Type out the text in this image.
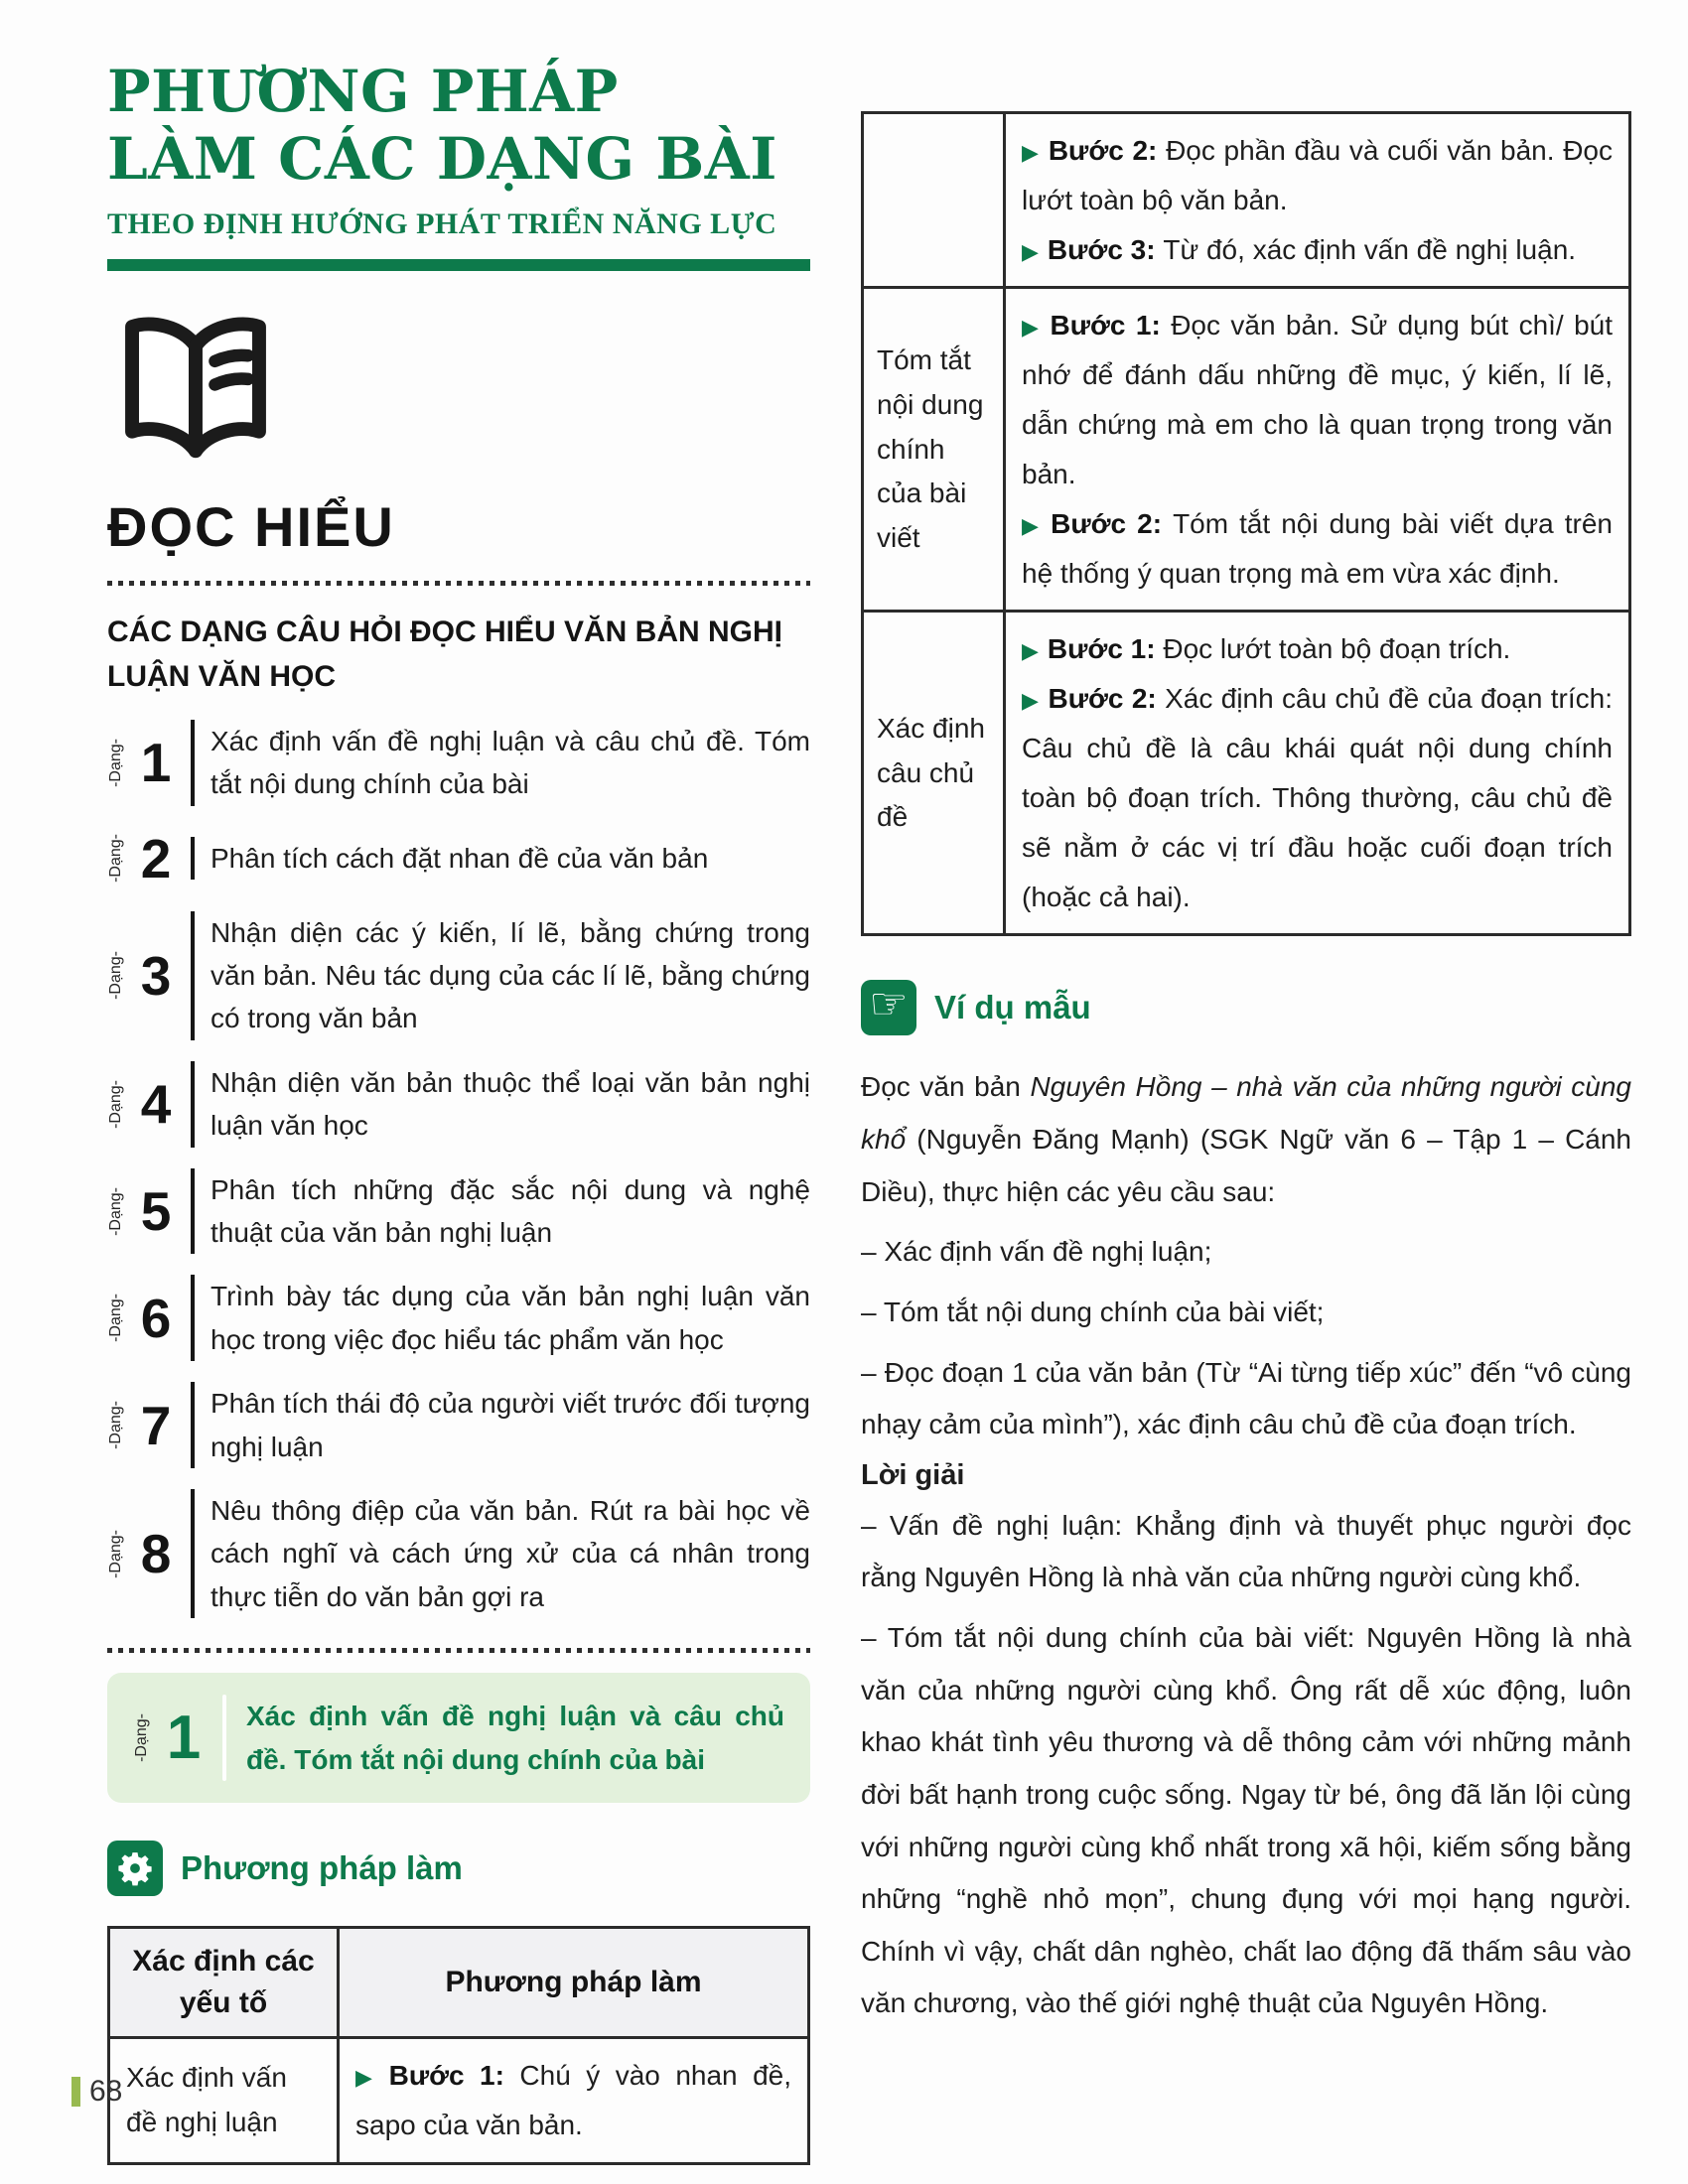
PHƯƠNG PHÁP
LÀM CÁC DẠNG BÀI
THEO ĐỊNH HƯỚNG PHÁT TRIỂN NĂNG LỰC
ĐỌC HIỂU
CÁC DẠNG CÂU HỎI ĐỌC HIỂU VĂN BẢN NGHỊ LUẬN VĂN HỌC
-Dạng- 1	Xác định vấn đề nghị luận và câu chủ đề. Tóm tắt nội dung chính của bài
-Dạng- 2	Phân tích cách đặt nhan đề của văn bản
-Dạng- 3
Nhận diện các ý kiến, lí lẽ, bằng chứng trong văn bản. Nêu tác dụng của các lí lẽ, bằng chứng có trong văn bản
-Dạng- 4	Nhận diện văn bản thuộc thể loại văn bản nghị luận văn học
-Dạng- 5	Phân tích những đặc sắc nội dung và nghệ thuật của văn bản nghị luận
-Dạng- 6	Trình bày tác dụng của văn bản nghị luận văn học trong việc đọc hiểu tác phẩm văn học
-Dạng- 7	Phân tích thái độ của người viết trước đối tượng nghị luận
-Dạng- 8
Nêu thông điệp của văn bản. Rút ra bài học về cách nghĩ và cách ứng xử của cá nhân trong thực tiễn do văn bản gợi ra
-Dạng- 1	Xác định vấn đề nghị luận và câu chủ đề. Tóm tắt nội dung chính của bài
Phương pháp làm
Xác định các yếu tố	Phương pháp làm
Xác định vấn đề nghị luận	▶ Bước 1: Chú ý vào nhan đề, sapo của văn bản.

	▶ Bước 2: Đọc phần đầu và cuối văn bản. Đọc lướt toàn bộ văn bản.
▶ Bước 3: Từ đó, xác định vấn đề nghị luận.

Tóm tắt nội dung chính của bài viết	▶ Bước 1: Đọc văn bản. Sử dụng bút chì/ bút nhớ để đánh dấu những đề mục, ý kiến, lí lẽ, dẫn chứng mà em cho là quan trọng trong văn bản.
▶ Bước 2: Tóm tắt nội dung bài viết dựa trên hệ thống ý quan trọng mà em vừa xác định.

Xác định câu chủ đề	▶ Bước 1: Đọc lướt toàn bộ đoạn trích.
▶ Bước 2: Xác định câu chủ đề của đoạn trích: Câu chủ đề là câu khái quát nội dung chính toàn bộ đoạn trích. Thông thường, câu chủ đề sẽ nằm ở các vị trí đầu hoặc cuối đoạn trích (hoặc cả hai).
☞ Ví dụ mẫu
Đọc văn bản Nguyên Hồng – nhà văn của những người cùng khổ (Nguyễn Đăng Mạnh) (SGK Ngữ văn 6 – Tập 1 – Cánh Diều), thực hiện các yêu cầu sau:
– Xác định vấn đề nghị luận;
– Tóm tắt nội dung chính của bài viết;
– Đọc đoạn 1 của văn bản (Từ “Ai từng tiếp xúc” đến “vô cùng nhạy cảm của mình”), xác định câu chủ đề của đoạn trích.
Lời giải
– Vấn đề nghị luận: Khẳng định và thuyết phục người đọc rằng Nguyên Hồng là nhà văn của những người cùng khổ.
– Tóm tắt nội dung chính của bài viết: Nguyên Hồng là nhà văn của những người cùng khổ. Ông rất dễ xúc động, luôn khao khát tình yêu thương và dễ thông cảm với những mảnh đời bất hạnh trong cuộc sống. Ngay từ bé, ông đã lăn lội cùng với những người cùng khổ nhất trong xã hội, kiếm sống bằng những “nghề nhỏ mọn”, chung đụng với mọi hạng người. Chính vì vậy, chất dân nghèo, chất lao động đã thấm sâu vào văn chương, vào thế giới nghệ thuật của Nguyên Hồng.
68
